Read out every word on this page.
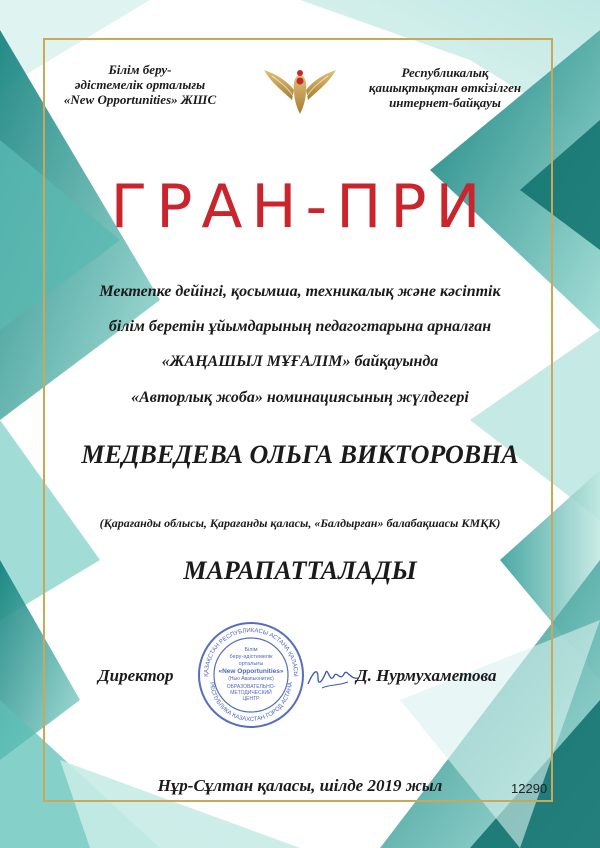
Білім беру-
әдістемелік орталығы
«New Opportunities» ЖШС
Республикалық
қашықтықтан өткізілген
интернет-байқауы
ГРАН-ПРИ
Мектепке дейінгі, қосымша, техникалық және кәсіптік
білім беретін ұйымдарының педагогтарына арналған
«ЖАҢАШЫЛ МҰҒАЛІМ» байқауында
«Авторлық жоба» номинациясының жүлдегері
МЕДВЕДЕВА ОЛЬГА ВИКТОРОВНА
(Қарағанды облысы, Қарағанды қаласы, «Балдырған» балабақшасы КМҚК)
МАРАПАТТАЛАДЫ
ҚАЗАҚСТАН РЕСПУБЛИКАСЫ АСТАНА ҚАЛАСЫ
РЕСПУБЛИКА КАЗАХСТАН ГОРОД АСТАНА
Білім
беру-әдістемелік
орталығы
«New Opportunities»
(Нью Авапьюнитис)
ОБРАЗОВАТЕЛЬНО-
МЕТОДИЧЕСКИЙ
ЦЕНТР
Директор	Д. Нурмухаметова
Нұр-Сұлтан қаласы, шілде 2019 жыл	12290
